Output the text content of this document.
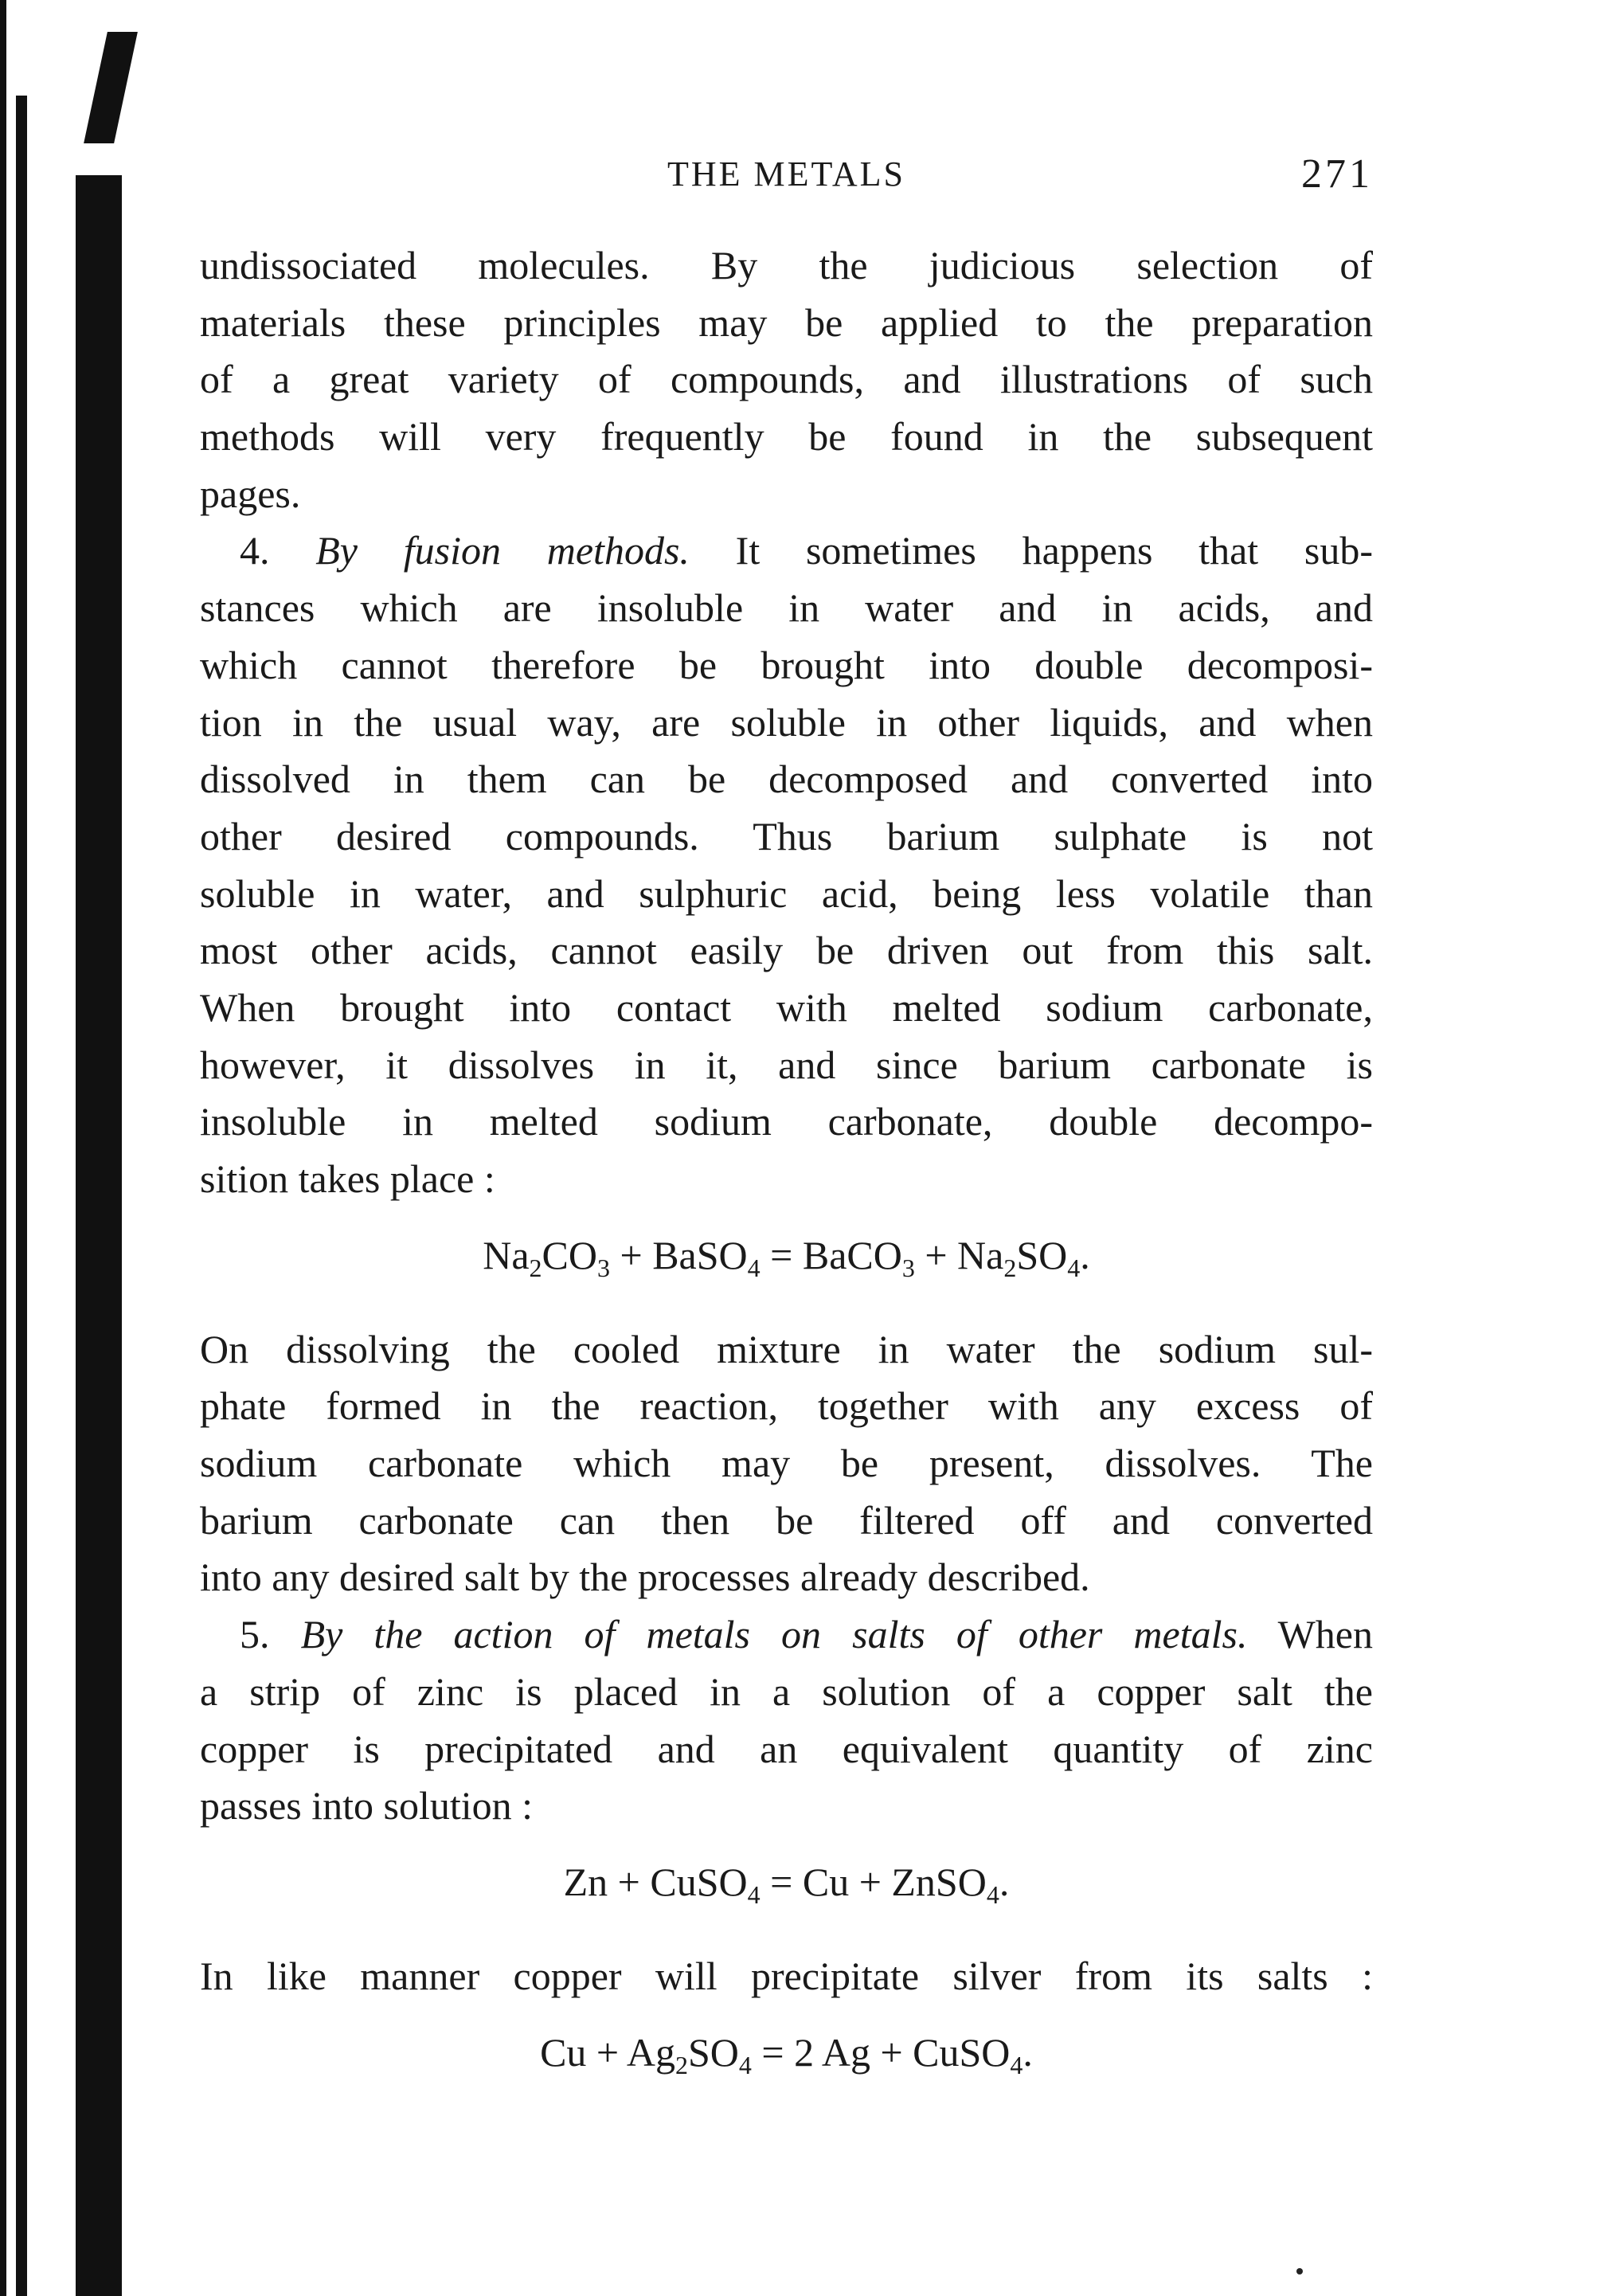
THE METALS	271
undissociated molecules. By the judicious selection of
materials these principles may be applied to the preparation
of a great variety of compounds, and illustrations of such
methods will very frequently be found in the subsequent
pages.
4. By fusion methods. It sometimes happens that sub-
stances which are insoluble in water and in acids, and
which cannot therefore be brought into double decomposi-
tion in the usual way, are soluble in other liquids, and when
dissolved in them can be decomposed and converted into
other desired compounds. Thus barium sulphate is not
soluble in water, and sulphuric acid, being less volatile than
most other acids, cannot easily be driven out from this salt.
When brought into contact with melted sodium carbonate,
however, it dissolves in it, and since barium carbonate is
insoluble in melted sodium carbonate, double decompo-
sition takes place :
$Na_2CO_3$ + BaSO$_4$ = BaCO$_3$ + $Na_2SO_4$.
On dissolving the cooled mixture in water the sodium sul-
phate formed in the reaction, together with any excess of
sodium carbonate which may be present, dissolves. The
barium carbonate can then be filtered off and converted
into any desired salt by the processes already described.
5. By the action of metals on salts of other metals. When
a strip of zinc is placed in a solution of a copper salt the
copper is precipitated and an equivalent quantity of zinc
passes into solution :
Zn + CuSO$_4$ = Cu + ZnSO$_4$.
In like manner copper will precipitate silver from its salts :
$Cu + Ag_2SO_4 = 2$ Ag + CuSO$_4$.
